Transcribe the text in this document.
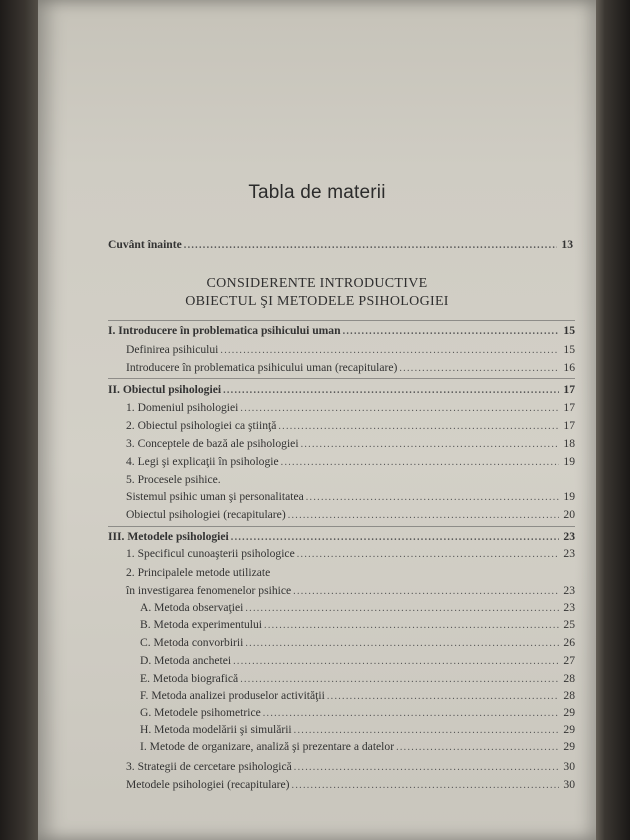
Tabla de materii
Cuvânt înainte .....	13
CONSIDERENTE INTRODUCTIVE
OBIECTUL ŞI METODELE PSIHOLOGIEI
I. Introducere în problematica psihicului uman .....	15
Definirea psihicului .....	15
Introducere în problematica psihicului uman (recapitulare) .....	16
II. Obiectul psihologiei .....	17
1. Domeniul psihologiei .....	17
2. Obiectul psihologiei ca ştiinţă .....	17
3. Conceptele de bază ale psihologiei .....	18
4. Legi şi explicaţii în psihologie .....	19
5. Procesele psihice.
Sistemul psihic uman şi personalitatea .....	19
Obiectul psihologiei (recapitulare) .....	20
III. Metodele psihologiei .....	23
1. Specificul cunoaşterii psihologice .....	23
2. Principalele metode utilizate
în investigarea fenomenelor psihice .....	23
A. Metoda observaţiei .....	23
B. Metoda experimentului .....	25
C. Metoda convorbirii .....	26
D. Metoda anchetei .....	27
E. Metoda biografică .....	28
F. Metoda analizei produselor activităţii .....	28
G. Metodele psihometrice .....	29
H. Metoda modelării şi simulării .....	29
I. Metode de organizare, analiză şi prezentare a datelor .....	29
3. Strategii de cercetare psihologică .....	30
Metodele psihologiei (recapitulare) .....	30
